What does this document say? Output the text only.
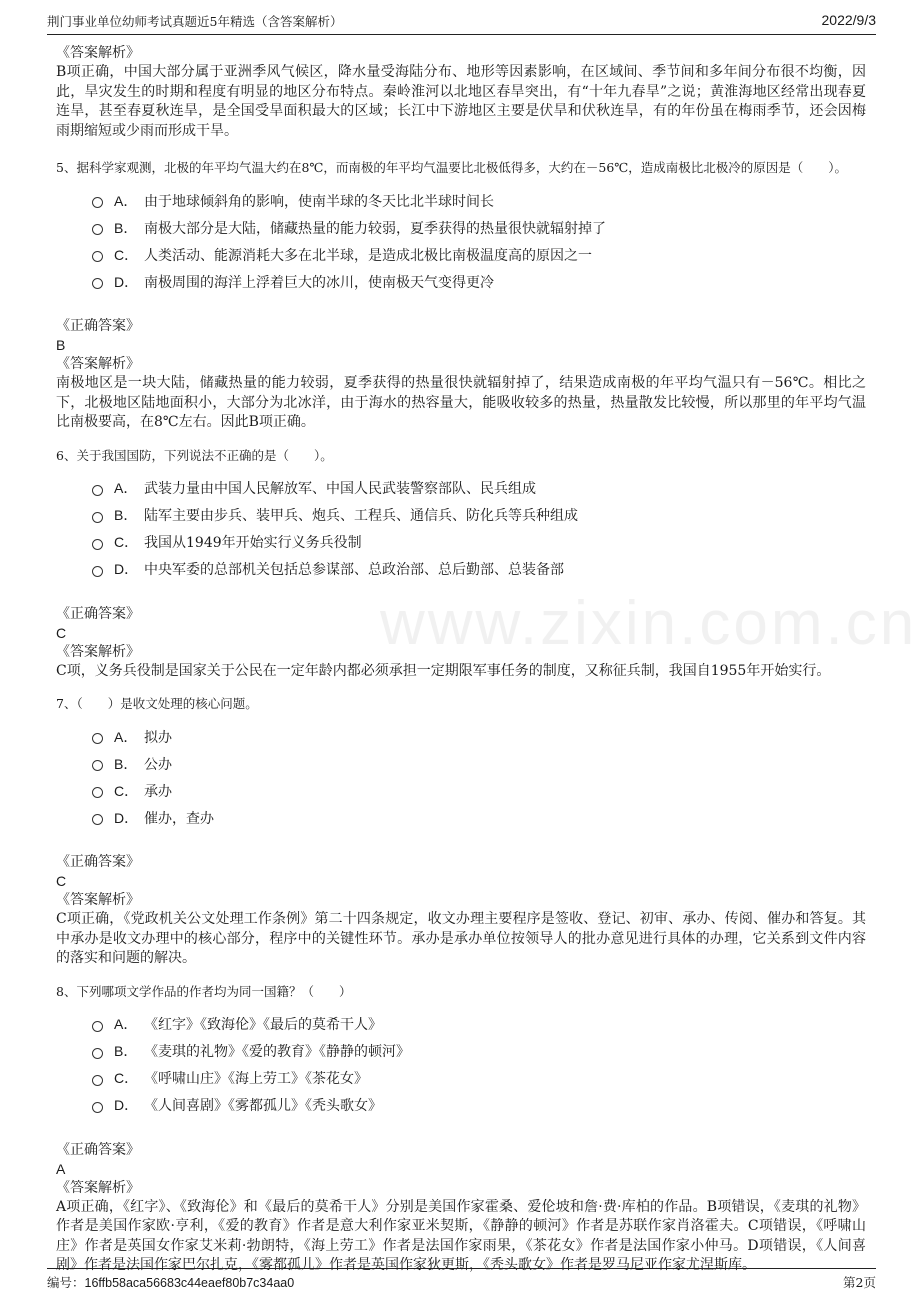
荆门事业单位幼师考试真题近5年精选（含答案解析）	2022/9/3
www.zixin.com.cn
《答案解析》

B项正确，中国大部分属于亚洲季风气候区，降水量受海陆分布、地形等因素影响，在区域间、季节间和多年间分布很不均衡，因此，旱灾发生的时期和程度有明显的地区分布特点。秦岭淮河以北地区春旱突出，有“十年九春旱”之说；黄淮海地区经常出现春夏连旱，甚至春夏秋连旱，是全国受旱面积最大的区域；长江中下游地区主要是伏旱和伏秋连旱，有的年份虽在梅雨季节，还会因梅雨期缩短或少雨而形成干旱。

5、据科学家观测，北极的年平均气温大约在8℃，而南极的年平均气温要比北极低得多，大约在－56℃，造成南极比北极冷的原因是（　　）。

A． 由于地球倾斜角的影响，使南半球的冬天比北半球时间长
B． 南极大部分是大陆，储藏热量的能力较弱，夏季获得的热量很快就辐射掉了
C． 人类活动、能源消耗大多在北半球，是造成北极比南极温度高的原因之一
D． 南极周围的海洋上浮着巨大的冰川，使南极天气变得更冷
《正确答案》
B
《答案解析》

南极地区是一块大陆，储藏热量的能力较弱，夏季获得的热量很快就辐射掉了，结果造成南极的年平均气温只有－56℃。相比之下，北极地区陆地面积小，大部分为北冰洋，由于海水的热容量大，能吸收较多的热量，热量散发比较慢，所以那里的年平均气温比南极要高，在8℃左右。因此B项正确。

6、关于我国国防，下列说法不正确的是（　　）。

A． 武装力量由中国人民解放军、中国人民武装警察部队、民兵组成
B． 陆军主要由步兵、装甲兵、炮兵、工程兵、通信兵、防化兵等兵种组成
C． 我国从1949年开始实行义务兵役制
D． 中央军委的总部机关包括总参谋部、总政治部、总后勤部、总装备部
《正确答案》
C
《答案解析》

C项，义务兵役制是国家关于公民在一定年龄内都必须承担一定期限军事任务的制度，又称征兵制，我国自1955年开始实行。

7、（　　）是收文处理的核心问题。

A． 拟办
B． 公办
C． 承办
D． 催办，查办
《正确答案》
C
《答案解析》

C项正确，《党政机关公文处理工作条例》第二十四条规定，收文办理主要程序是签收、登记、初审、承办、传阅、催办和答复。其中承办是收文办理中的核心部分，程序中的关键性环节。承办是承办单位按领导人的批办意见进行具体的办理，它关系到文件内容的落实和问题的解决。

8、下列哪项文学作品的作者均为同一国籍？（　　）

A． 《红字》《致海伦》《最后的莫希干人》
B． 《麦琪的礼物》《爱的教育》《静静的顿河》
C． 《呼啸山庄》《海上劳工》《茶花女》
D． 《人间喜剧》《雾都孤儿》《秃头歌女》
《正确答案》
A
《答案解析》

A项正确，《红字》、《致海伦》和《最后的莫希干人》分别是美国作家霍桑、爱伦坡和詹·费·库柏的作品。B项错误，《麦琪的礼物》作者是美国作家欧·亨利，《爱的教育》作者是意大利作家亚米契斯，《静静的顿河》作者是苏联作家肖洛霍夫。C项错误，《呼啸山庄》作者是英国女作家艾米莉·勃朗特，《海上劳工》作者是法国作家雨果，《茶花女》作者是法国作家小仲马。D项错误，《人间喜剧》作者是法国作家巴尔扎克，《雾都孤儿》作者是英国作家狄更斯，《秃头歌女》作者是罗马尼亚作家尤涅斯库。

编号：16ffb58aca56683c44eaef80b7c34aa0	第2页
